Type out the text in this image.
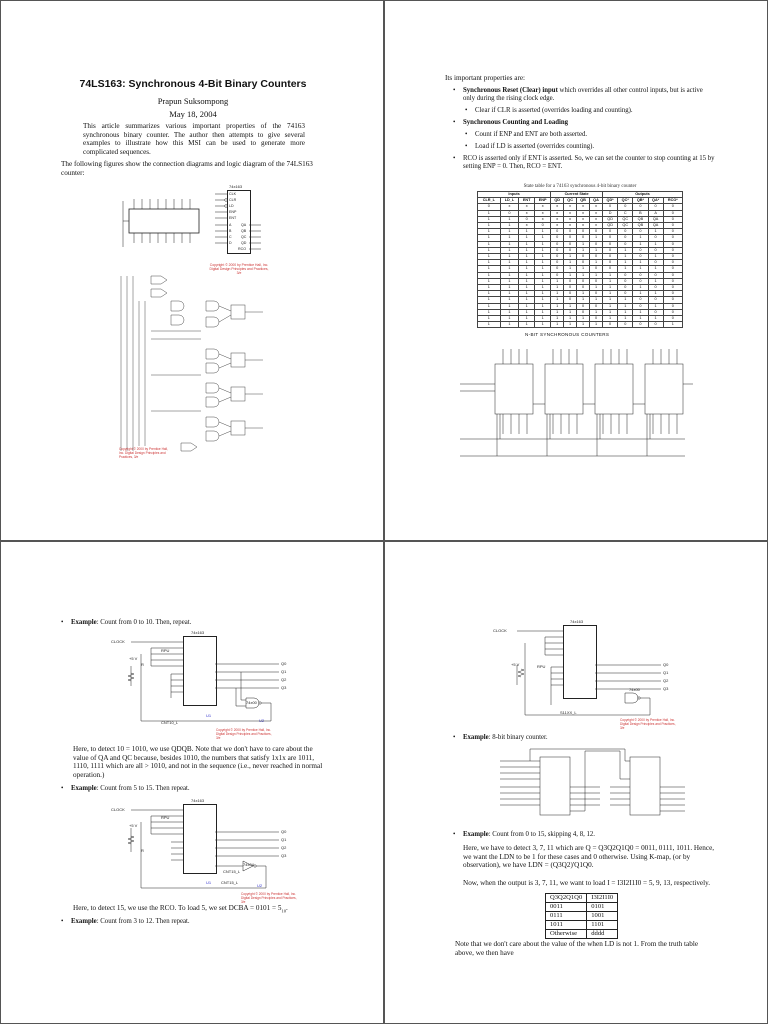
74LS163: Synchronous 4-Bit Binary Counters
Prapun Suksompong
May 18, 2004
This article summarizes various important properties of the 74163 synchronous binary counter. The author then attempts to give several examples to illustrate how this MSI can be used to generate more complicated sequences.
The following figures show the connection diagrams and logic diagram of the 74LS163 counter:
74x163
CLK
CLR
LD
ENP
ENT
A
B
C
D
QA
QB
QC
QD
RCO
Copyright © 2000 by Prentice Hall, Inc. Digital Design Principles and Practices, 3/e
Copyright © 2000 by Prentice Hall, Inc. Digital Design Principles and Practices, 3/e
Its important properties are:
• Synchronous Reset (Clear) input which overrides all other control inputs, but is active only during the rising clock edge.
• Clear if CLR is asserted (overrides loading and counting).
• Synchronous Counting and Loading
• Count if ENP and ENT are both asserted.
• Load if LD is asserted (overrides counting).
• RCO is asserted only if ENT is asserted. So, we can set the counter to stop counting at 15 by setting ENP = 0. Then, RCO = ENT.
State table for a 74163 synchronous 4-bit binary counter
Inputs				Current State				Outputs				
CLR_L	LD_L	ENT	ENP	QD	QC	QB	QA	QD*	QC*	QB*	QA*	RCO*
0	x	x	x	x	x	x	x	0	0	0	0	0
1	0	x	x	x	x	x	x	D	C	B	A	0
1	1	0	x	x	x	x	x	QD	QC	QB	QA	0
1	1	x	0	x	x	x	x	QD	QC	QB	QA	0
1	1	1	1	0	0	0	0	0	0	0	1	0
1	1	1	1	0	0	0	1	0	0	1	0	0
1	1	1	1	0	0	1	0	0	0	1	1	0
1	1	1	1	0	0	1	1	0	1	0	0	0
1	1	1	1	0	1	0	0	0	1	0	1	0
1	1	1	1	0	1	0	1	0	1	1	0	0
1	1	1	1	0	1	1	0	0	1	1	1	0
1	1	1	1	0	1	1	1	1	0	0	0	0
1	1	1	1	1	0	0	0	1	0	0	1	0
1	1	1	1	1	0	0	1	1	0	1	0	0
1	1	1	1	1	0	1	0	1	0	1	1	0
1	1	1	1	1	0	1	1	1	1	0	0	0
1	1	1	1	1	1	0	0	1	1	0	1	0
1	1	1	1	1	1	0	1	1	1	1	0	0
1	1	1	1	1	1	1	0	1	1	1	1	0
1	1	1	1	1	1	1	1	0	0	0	0	1
N-BIT SYNCHRONOUS COUNTERS
• Example: Count from 0 to 10. Then, repeat.
CLOCK
74x163
+5 V
RPU
R
74x00
CNT10_L
U1
U2
Q0
Q1
Q2
Q3
Copyright © 2000 by Prentice Hall, Inc. Digital Design Principles and Practices, 3/e
Here, to detect 10 = 1010, we use QDQB. Note that we don't have to care about the value of QA and QC because, besides 1010, the numbers that satisfy 1x1x are 1011, 1110, 1111 which are all > 1010, and not in the sequence (i.e., never reached in normal operation.)
• Example: Count from 5 to 15. Then repeat.
CLOCK
74x163
+5 V
RPU
R
74x04
CNT15_L
CNT15_L
U1
U2
Q0
Q1
Q2
Q3
Copyright © 2000 by Prentice Hall, Inc. Digital Design Principles and Practices, 3/e
Here, to detect 15, we use the RCO. To load 5, we set DCBA = $0101 = 5_{10}$.
• Example: Count from 3 to 12. Then repeat.
CLOCK
74x163
+5 V	RPU
74x00
S11XX_L
Q0
Q1
Q2
Q3
Copyright © 2000 by Prentice Hall, Inc. Digital Design Principles and Practices, 3/e
• Example: 8-bit binary counter.
• Example: Count from 0 to 15, skipping 4, 8, 12.
Here, we have to detect 3, 7, 11 which are Q = Q3Q2Q1Q0 = 0011, 0111, 1011. Hence, we want the LDN to be 1 for these cases and 0 otherwise. Using K-map, (or by observation), we have LDN = (Q3Q2)'Q1Q0.
Now, when the output is 3, 7, 11, we want to load I = I3I2I1I0 = 5, 9, 13, respectively.
Q3Q2Q1Q0	I3I2I1I0
0011	0101
0111	1001
1011	1101
Otherwise	dddd
Note that we don't care about the value of the when LD is not 1. From the truth table above, we then have
